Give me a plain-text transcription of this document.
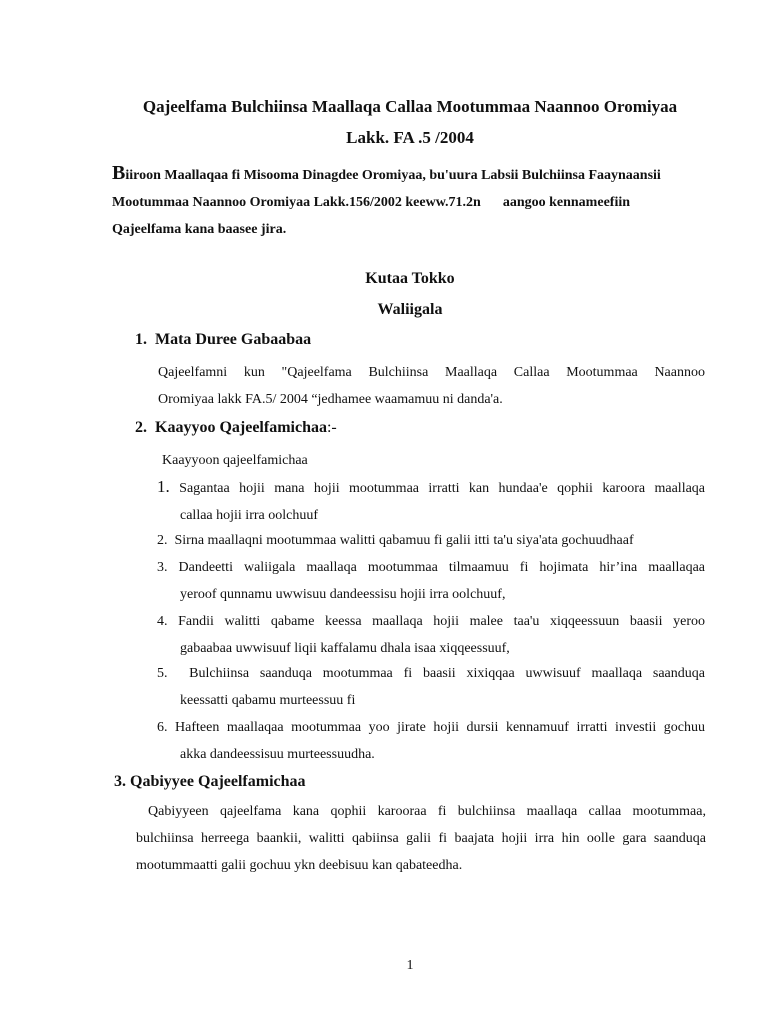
Qajeelfama Bulchiinsa Maallaqa Callaa Mootummaa Naannoo Oromiyaa
Lakk. FA .5 /2004
Biiroon Maallaqaa fi Misooma Dinagdee Oromiyaa, bu'uura Labsii Bulchiinsa Faaynaansii
Mootummaa Naannoo Oromiyaa Lakk.156/2002 keeww.71.2n aangoo kennameefiin
Qajeelfama kana baasee jira.
Kutaa Tokko
Waliigala
1. Mata Duree Gabaabaa
Qajeelfamni kun "Qajeelfama Bulchiinsa Maallaqa Callaa Mootummaa Naannoo
Oromiyaa lakk FA.5/ 2004 “jedhamee waamamuu ni danda'a.
2. Kaayyoo Qajeelfamichaa:-
Kaayyoon qajeelfamichaa
1. Sagantaa hojii mana hojii mootummaa irratti kan hundaa'e qophii karoora maallaqa
callaa hojii irra oolchuuf
2. Sirna maallaqni mootummaa walitti qabamuu fi galii itti ta'u siya'ata gochuudhaaf
3. Dandeetti waliigala maallaqa mootummaa tilmaamuu fi hojimata hir’ina maallaqaa
yeroof qunnamu uwwisuu dandeessisu hojii irra oolchuuf,
4. Fandii walitti qabame keessa maallaqa hojii malee taa'u xiqqeessuun baasii yeroo
gabaabaa uwwisuuf liqii kaffalamu dhala isaa xiqqeessuuf,
5. Bulchiinsa saanduqa mootummaa fi baasii xixiqqaa uwwisuuf maallaqa saanduqa
keessatti qabamu murteessuu fi
6. Hafteen maallaqaa mootummaa yoo jirate hojii dursii kennamuuf irratti investii gochuu
akka dandeessisuu murteessuudha.
3. Qabiyyee Qajeelfamichaa
Qabiyyeen qajeelfama kana qophii karooraa fi bulchiinsa maallaqa callaa mootummaa,
bulchiinsa herreega baankii, walitti qabiinsa galii fi baajata hojii irra hin oolle gara saanduqa
mootummaatti galii gochuu ykn deebisuu kan qabateedha.
1
